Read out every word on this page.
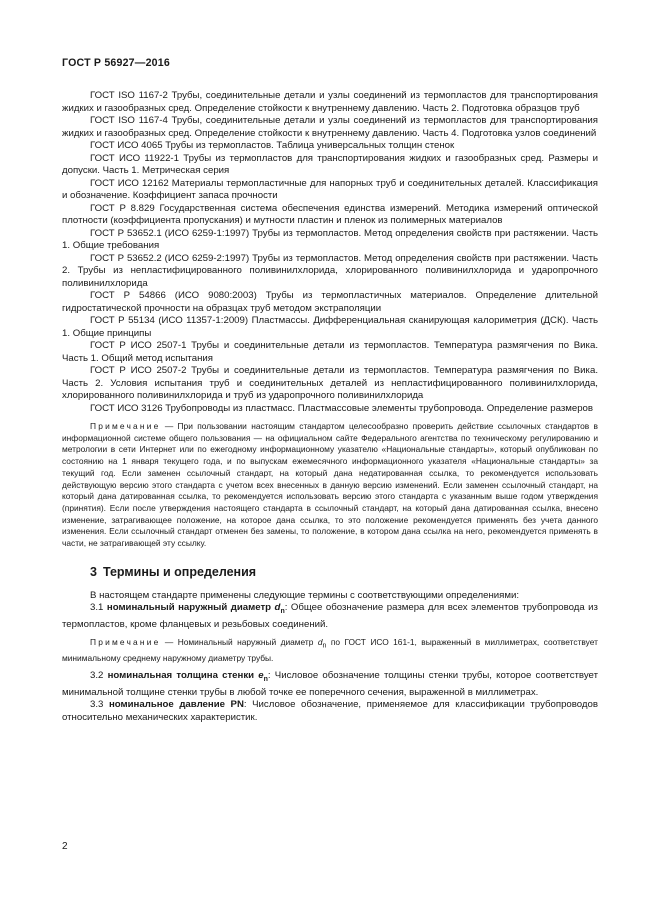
ГОСТ Р 56927—2016

ГОСТ ISO 1167-2 Трубы, соединительные детали и узлы соединений из термопластов для транспортирования жидких и газообразных сред. Определение стойкости к внутреннему давлению. Часть 2. Подготовка образцов труб

ГОСТ ISO 1167-4 Трубы, соединительные детали и узлы соединений из термопластов для транспортирования жидких и газообразных сред. Определение стойкости к внутреннему давлению. Часть 4. Подготовка узлов соединений

ГОСТ ИСО 4065 Трубы из термопластов. Таблица универсальных толщин стенок

ГОСТ ИСО 11922-1 Трубы из термопластов для транспортирования жидких и газообразных сред. Размеры и допуски. Часть 1. Метрическая серия

ГОСТ ИСО 12162 Материалы термопластичные для напорных труб и соединительных деталей. Классификация и обозначение. Коэффициент запаса прочности

ГОСТ Р 8.829 Государственная система обеспечения единства измерений. Методика измерений оптической плотности (коэффициента пропускания) и мутности пластин и пленок из полимерных материалов

ГОСТ Р 53652.1 (ИСО 6259-1:1997) Трубы из термопластов. Метод определения свойств при растяжении. Часть 1. Общие требования

ГОСТ Р 53652.2 (ИСО 6259-2:1997) Трубы из термопластов. Метод определения свойств при растяжении. Часть 2. Трубы из непластифицированного поливинилхлорида, хлорированного поливинилхлорида и ударопрочного поливинилхлорида

ГОСТ Р 54866 (ИСО 9080:2003) Трубы из термопластичных материалов. Определение длительной гидростатической прочности на образцах труб методом экстраполяции

ГОСТ Р 55134 (ИСО 11357-1:2009) Пластмассы. Дифференциальная сканирующая калориметрия (ДСК). Часть 1. Общие принципы

ГОСТ Р ИСО 2507-1 Трубы и соединительные детали из термопластов. Температура размягчения по Вика. Часть 1. Общий метод испытания

ГОСТ Р ИСО 2507-2 Трубы и соединительные детали из термопластов. Температура размягчения по Вика. Часть 2. Условия испытания труб и соединительных деталей из непластифицированного поливинилхлорида, хлорированного поливинилхлорида и труб из ударопрочного поливинилхлорида

ГОСТ ИСО 3126 Трубопроводы из пластмасс. Пластмассовые элементы трубопровода. Определение размеров

Примечание — При пользовании настоящим стандартом целесообразно проверить действие ссылочных стандартов в информационной системе общего пользования — на официальном сайте Федерального агентства по техническому регулированию и метрологии в сети Интернет или по ежегодному информационному указателю «Национальные стандарты», который опубликован по состоянию на 1 января текущего года, и по выпускам ежемесячного информационного указателя «Национальные стандарты» за текущий год. Если заменен ссылочный стандарт, на который дана недатированная ссылка, то рекомендуется использовать действующую версию этого стандарта с учетом всех внесенных в данную версию изменений. Если заменен ссылочный стандарт, на который дана датированная ссылка, то рекомендуется использовать версию этого стандарта с указанным выше годом утверждения (принятия). Если после утверждения настоящего стандарта в ссылочный стандарт, на который дана датированная ссылка, внесено изменение, затрагивающее положение, на которое дана ссылка, то это положение рекомендуется применять без учета данного изменения. Если ссылочный стандарт отменен без замены, то положение, в котором дана ссылка на него, рекомендуется применять в части, не затрагивающей эту ссылку.

3 Термины и определения

В настоящем стандарте применены следующие термины с соответствующими определениями:

3.1 номинальный наружный диаметр $d_n$: Общее обозначение размера для всех элементов трубопровода из термопластов, кроме фланцевых и резьбовых соединений.

Примечание — Номинальный наружный диаметр $d_n$ по ГОСТ ИСО 161-1, выраженный в миллиметрах, соответствует минимальному среднему наружному диаметру трубы.

3.2 номинальная толщина стенки $e_n$: Числовое обозначение толщины стенки трубы, которое соответствует минимальной толщине стенки трубы в любой точке ее поперечного сечения, выраженной в миллиметрах.

3.3 номинальное давление PN: Числовое обозначение, применяемое для классификации трубопроводов относительно механических характеристик.

2
